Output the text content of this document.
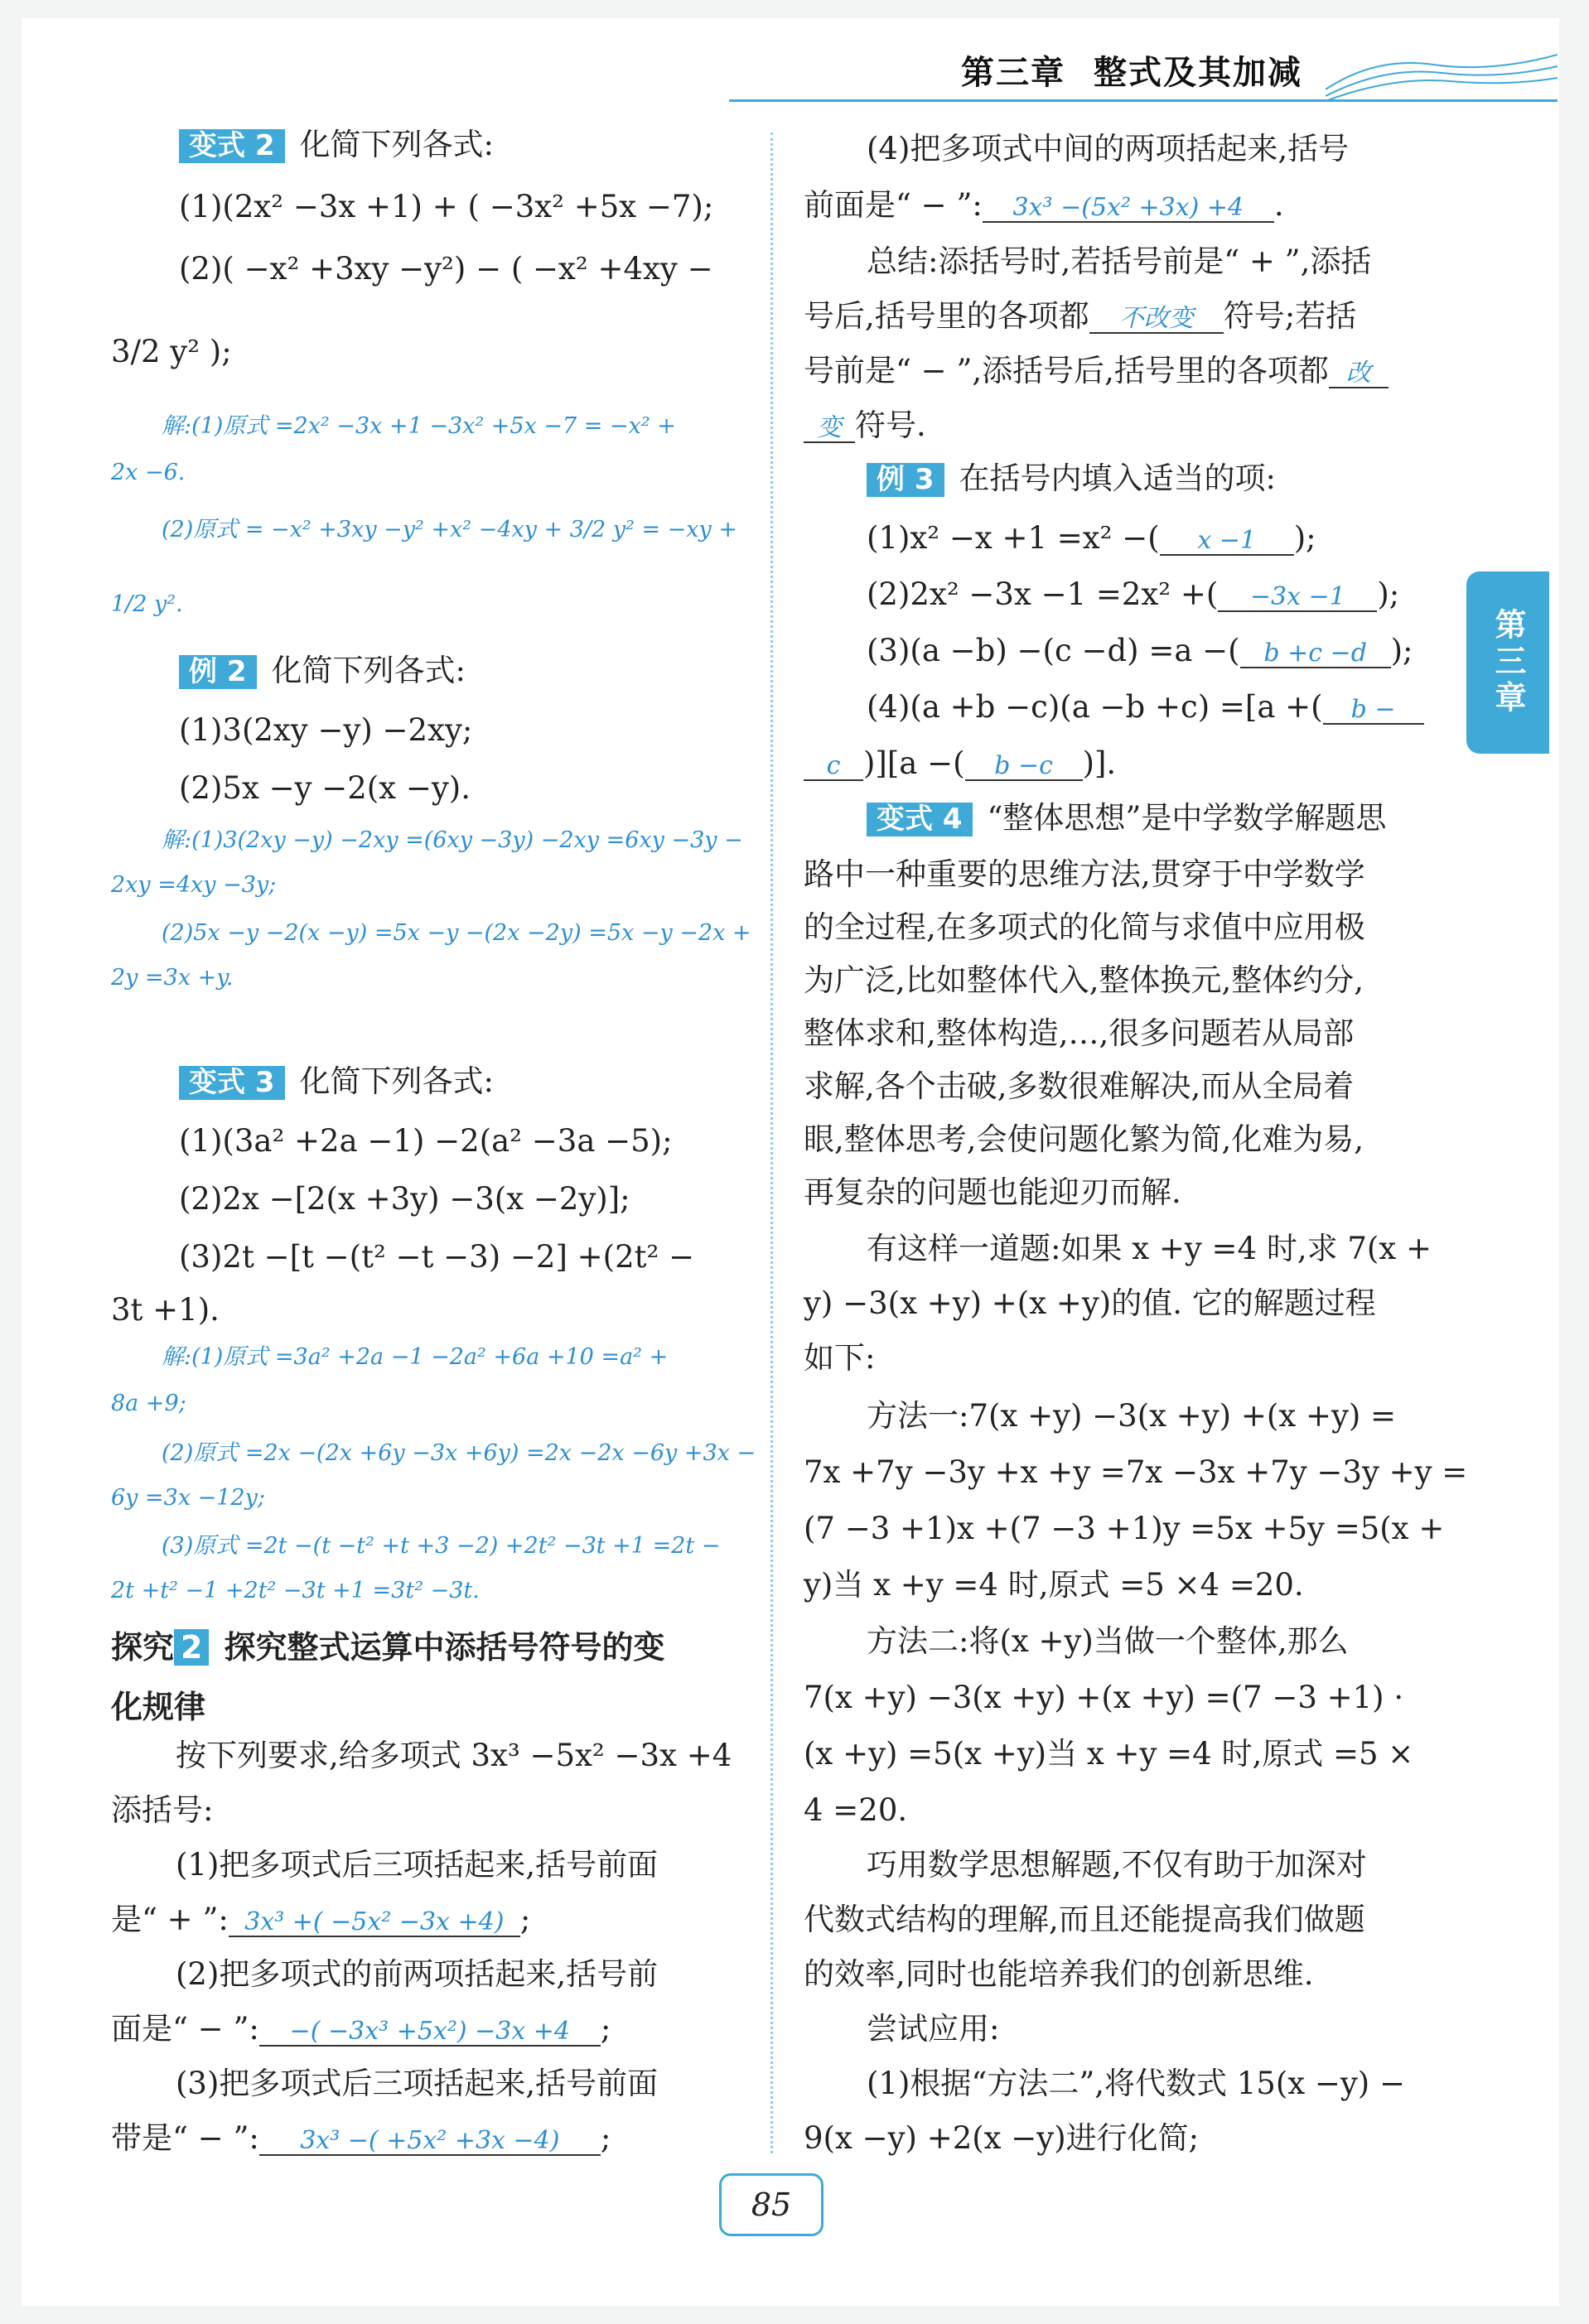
第三章 整式及其加减
第三章
变式 2 化简下列各式:
(1)(2x² −3x +1) + ( −3x² +5x −7);
(2)( −x² +3xy −y²) − ( −x² +4xy −
3/2 y² );
解:(1)原式 =2x² −3x +1 −3x² +5x −7 = −x² +
2x −6.
(2)原式 = −x² +3xy −y² +x² −4xy + 3/2 y² = −xy +
1/2 y².
例 2 化简下列各式:
(1)3(2xy −y) −2xy;
(2)5x −y −2(x −y).
解:(1)3(2xy −y) −2xy =(6xy −3y) −2xy =6xy −3y −
2xy =4xy −3y;
(2)5x −y −2(x −y) =5x −y −(2x −2y) =5x −y −2x +
2y =3x +y.
变式 3 化简下列各式:
(1)(3a² +2a −1) −2(a² −3a −5);
(2)2x −[2(x +3y) −3(x −2y)];
(3)2t −[t −(t² −t −3) −2] +(2t² −
3t +1).
解:(1)原式 =3a² +2a −1 −2a² +6a +10 =a² +
8a +9;
(2)原式 =2x −(2x +6y −3x +6y) =2x −2x −6y +3x −
6y =3x −12y;
(3)原式 =2t −(t −t² +t +3 −2) +2t² −3t +1 =2t −
2t +t² −1 +2t² −3t +1 =3t² −3t.
探究 2 探究整式运算中添括号符号的变
化规律
按下列要求,给多项式 3x³ −5x² −3x +4
添括号:
(1)把多项式后三项括起来,括号前面
是“ + ”: 3x³ +( −5x² −3x +4) ;
(2)把多项式的前两项括起来,括号前
面是“ − ”:−( −3x³ +5x²) −3x +4 ;
(3)把多项式后三项括起来,括号前面
带是“ − ”: 3x³ −( +5x² +3x −4) ;
(4)把多项式中间的两项括起来,括号
前面是“ − ”: 3x³ −(5x² +3x) +4 .
总结:添括号时,若括号前是“ + ”,添括
号后,括号里的各项都 不改变 符号;若括
号前是“ − ”,添括号后,括号里的各项都 改
变 符号.
例 3 在括号内填入适当的项:
(1)x² −x +1 =x² −( x −1 );
(2)2x² −3x −1 =2x² +(−3x −1 );
(3)(a −b) −(c −d) =a −( b +c −d );
(4)(a +b −c)(a −b +c) =[a +( b −
c )][a −( b −c )].
变式 4 “整体思想”是中学数学解题思
路中一种重要的思维方法,贯穿于中学数学
的全过程,在多项式的化简与求值中应用极
为广泛,比如整体代入,整体换元,整体约分,
整体求和,整体构造,…,很多问题若从局部
求解,各个击破,多数很难解决,而从全局着
眼,整体思考,会使问题化繁为简,化难为易,
再复杂的问题也能迎刃而解.
有这样一道题:如果 x +y =4 时,求 7(x +
y) −3(x +y) +(x +y)的值. 它的解题过程
如下:
方法一:7(x +y) −3(x +y) +(x +y) =
7x +7y −3y +x +y =7x −3x +7y −3y +y =
(7 −3 +1)x +(7 −3 +1)y =5x +5y =5(x +
y)当 x +y =4 时,原式 =5 ×4 =20.
方法二:将(x +y)当做一个整体,那么
7(x +y) −3(x +y) +(x +y) =(7 −3 +1) ·
(x +y) =5(x +y)当 x +y =4 时,原式 =5 ×
4 =20.
巧用数学思想解题,不仅有助于加深对
代数式结构的理解,而且还能提高我们做题
的效率,同时也能培养我们的创新思维.
尝试应用:
(1)根据“方法二”,将代数式 15(x −y) −
9(x −y) +2(x −y)进行化简;
85
